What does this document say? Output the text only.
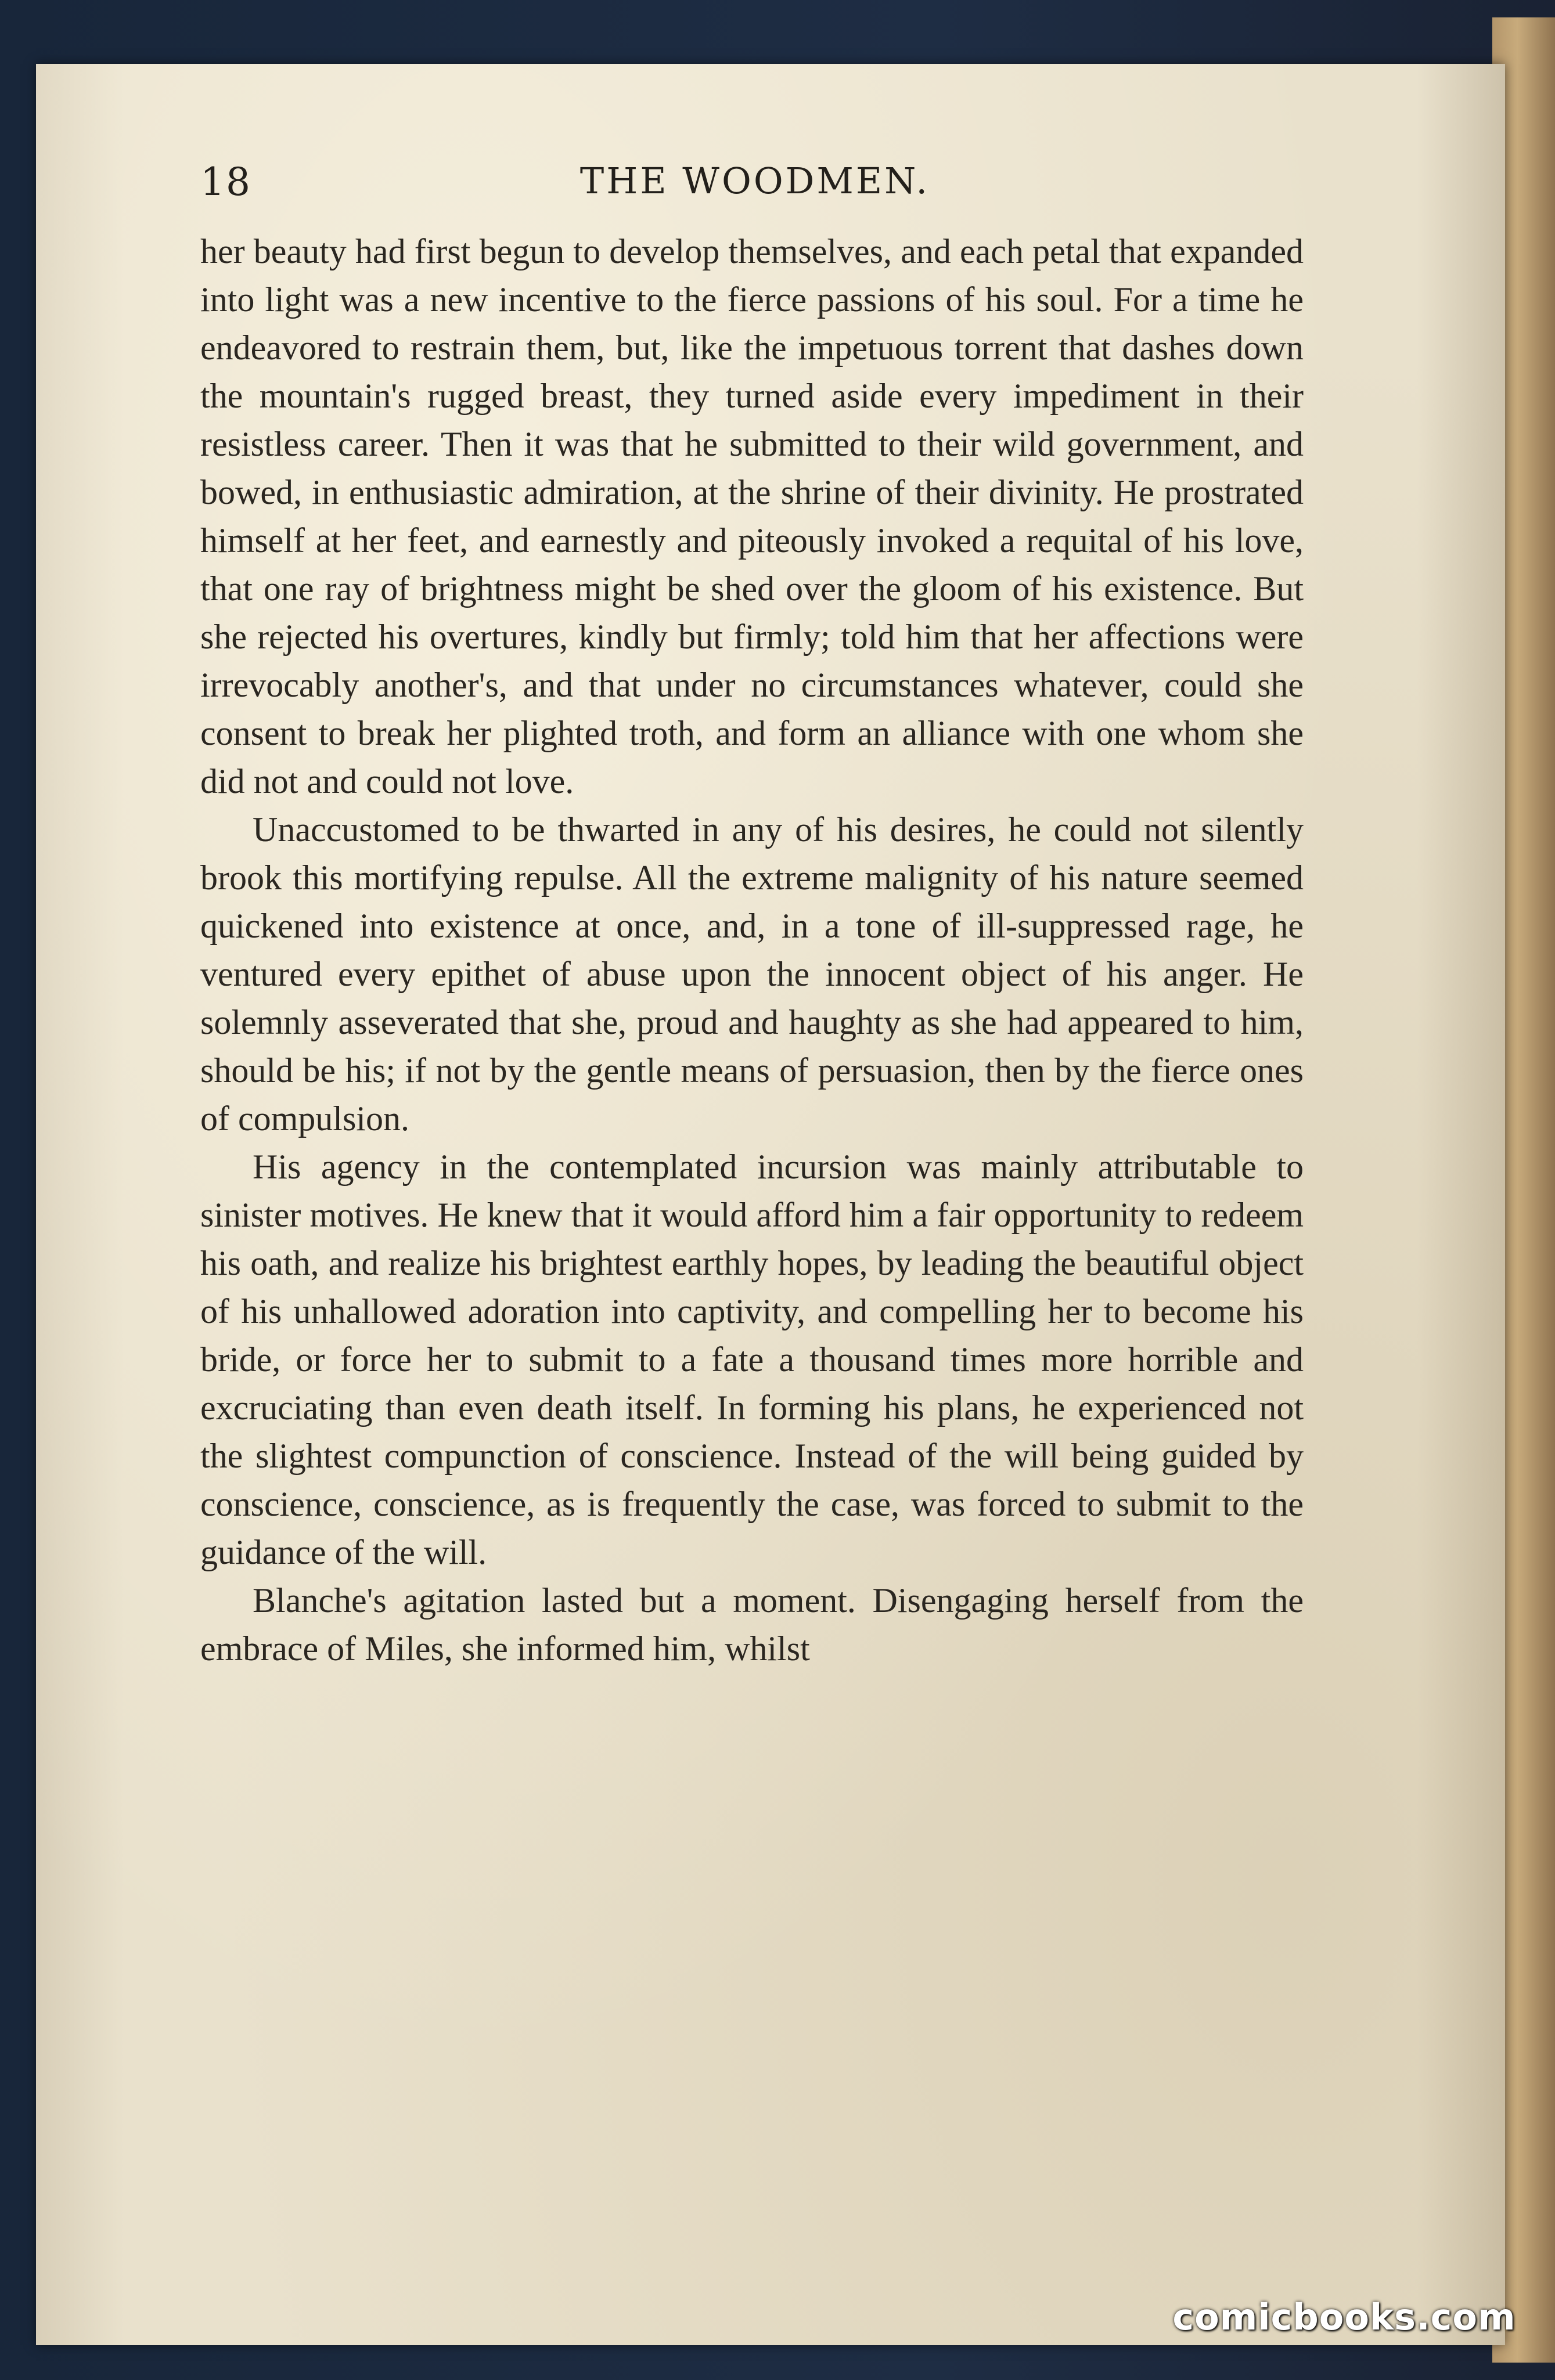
18	THE WOODMEN.

her beauty had first begun to develop themselves, and each petal that expanded into light was a new incentive to the fierce passions of his soul. For a time he endeavored to restrain them, but, like the impetuous torrent that dashes down the mountain's rugged breast, they turned aside every impediment in their resistless career. Then it was that he submitted to their wild government, and bowed, in enthusiastic admiration, at the shrine of their divinity. He prostrated himself at her feet, and earnestly and piteously invoked a requital of his love, that one ray of brightness might be shed over the gloom of his existence. But she rejected his overtures, kindly but firmly; told him that her affections were irrevocably another's, and that under no circumstances whatever, could she consent to break her plighted troth, and form an alliance with one whom she did not and could not love.

Unaccustomed to be thwarted in any of his desires, he could not silently brook this mortifying repulse. All the extreme malignity of his nature seemed quickened into existence at once, and, in a tone of ill-suppressed rage, he ventured every epithet of abuse upon the innocent object of his anger. He solemnly asseverated that she, proud and haughty as she had appeared to him, should be his; if not by the gentle means of persuasion, then by the fierce ones of compulsion.

His agency in the contemplated incursion was mainly attributable to sinister motives. He knew that it would afford him a fair opportunity to redeem his oath, and realize his brightest earthly hopes, by leading the beautiful object of his unhallowed adoration into captivity, and compelling her to become his bride, or force her to submit to a fate a thousand times more horrible and excruciating than even death itself. In forming his plans, he experienced not the slightest compunction of conscience. Instead of the will being guided by conscience, conscience, as is frequently the case, was forced to submit to the guidance of the will.

Blanche's agitation lasted but a moment. Disengaging herself from the embrace of Miles, she informed him, whilst

comicbooks.com
